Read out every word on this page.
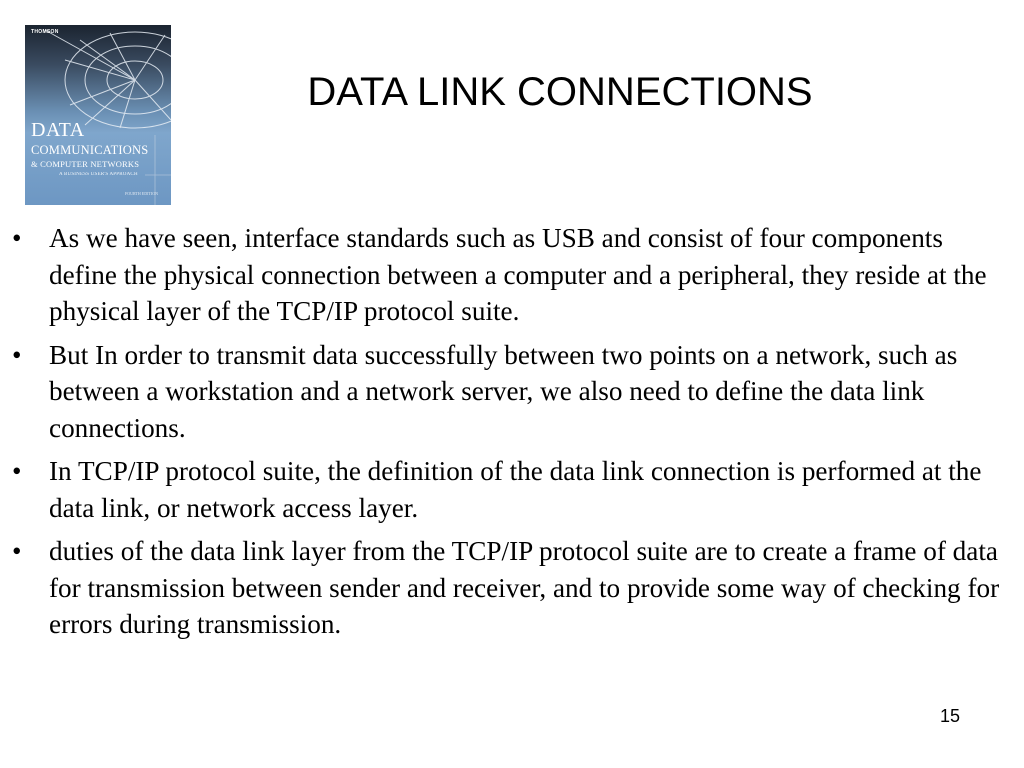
THOMSON
DATA
COMMUNICATIONS
& COMPUTER NETWORKS
A BUSINESS USER'S APPROACH
FOURTH EDITION
DATA LINK CONNECTIONS
• As we have seen, interface standards such as USB and consist of four components define the physical connection between a computer and a peripheral, they reside at the physical layer of the TCP/IP protocol suite.
• But In order to transmit data successfully between two points on a network, such as between a workstation and a network server, we also need to define the data link connections.
• In TCP/IP protocol suite, the definition of the data link connection is performed at the data link, or network access layer.
• duties of the data link layer from the TCP/IP protocol suite are to create a frame of data for transmission between sender and receiver, and to provide some way of checking for errors during transmission.
15
